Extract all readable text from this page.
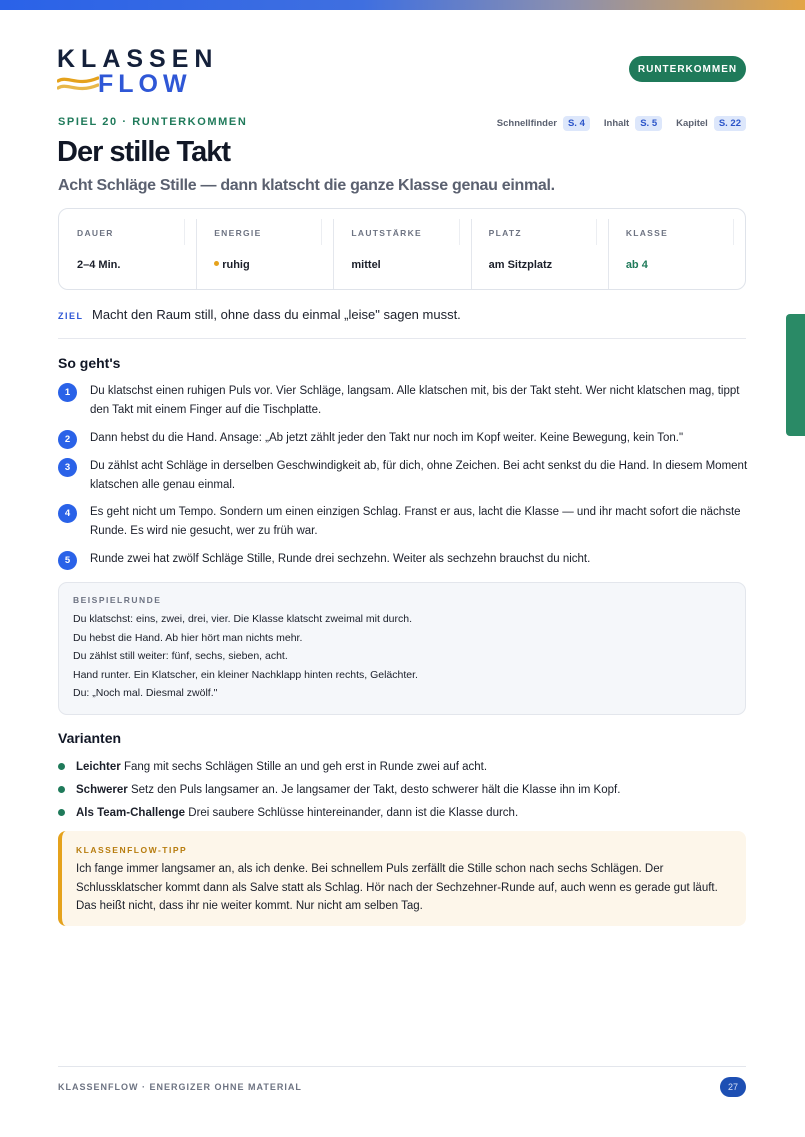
KLASSEN
FLOW
RUNTERKOMMEN
SPIEL 20 · RUNTERKOMMEN	Schnellfinder	S. 4	Inhalt	S. 5	Kapitel	S. 22
Der stille Takt
Acht Schläge Stille — dann klatscht die ganze Klasse genau einmal.
DAUER
2–4 Min.
ENERGIE
ruhig
LAUTSTÄRKE
mittel
PLATZ
am Sitzplatz
KLASSE
ab 4
ZIEL Macht den Raum still, ohne dass du einmal „leise" sagen musst.
So geht's
1	Du klatschst einen ruhigen Puls vor. Vier Schläge, langsam. Alle klatschen mit, bis der Takt steht. Wer nicht klatschen mag, tippt den Takt mit einem Finger auf die Tischplatte.
2	Dann hebst du die Hand. Ansage: „Ab jetzt zählt jeder den Takt nur noch im Kopf weiter. Keine Bewegung, kein Ton."
3	Du zählst acht Schläge in derselben Geschwindigkeit ab, für dich, ohne Zeichen. Bei acht senkst du die Hand. In diesem Moment klatschen alle genau einmal.
4	Es geht nicht um Tempo. Sondern um einen einzigen Schlag. Franst er aus, lacht die Klasse — und ihr macht sofort die nächste Runde. Es wird nie gesucht, wer zu früh war.
5	Runde zwei hat zwölf Schläge Stille, Runde drei sechzehn. Weiter als sechzehn brauchst du nicht.
BEISPIELRUNDE
Du klatschst: eins, zwei, drei, vier. Die Klasse klatscht zweimal mit durch.
Du hebst die Hand. Ab hier hört man nichts mehr.
Du zählst still weiter: fünf, sechs, sieben, acht.
Hand runter. Ein Klatscher, ein kleiner Nachklapp hinten rechts, Gelächter.
Du: „Noch mal. Diesmal zwölf."
Varianten
Leichter Fang mit sechs Schlägen Stille an und geh erst in Runde zwei auf acht.
Schwerer Setz den Puls langsamer an. Je langsamer der Takt, desto schwerer hält die Klasse ihn im Kopf.
Als Team-Challenge Drei saubere Schlüsse hintereinander, dann ist die Klasse durch.
KLASSENFLOW-TIPP
Ich fange immer langsamer an, als ich denke. Bei schnellem Puls zerfällt die Stille schon nach sechs Schlägen. Der Schlussklatscher kommt dann als Salve statt als Schlag. Hör nach der Sechzehner-Runde auf, auch wenn es gerade gut läuft. Das heißt nicht, dass ihr nie weiter kommt. Nur nicht am selben Tag.
KLASSENFLOW · ENERGIZER OHNE MATERIAL	27
